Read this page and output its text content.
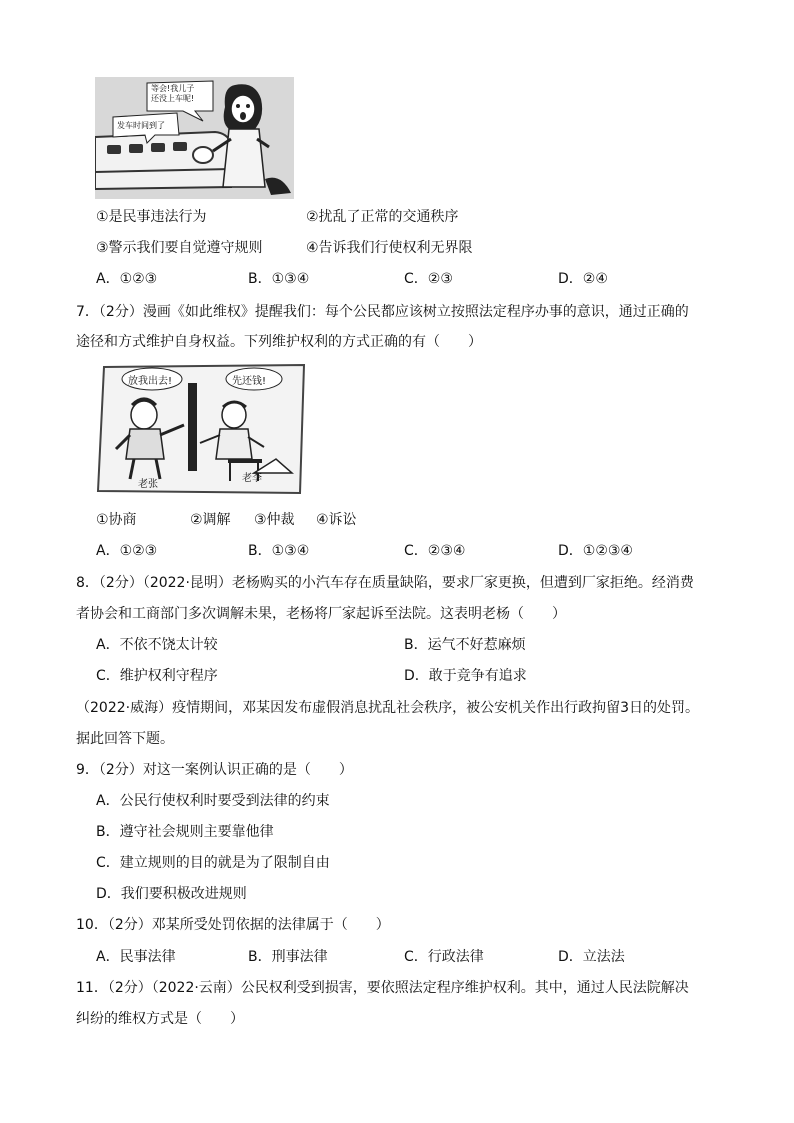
等会!我儿子
还没上车呢!
发车时间到了
①是民事违法行为	②扰乱了正常的交通秩序
③警示我们要自觉遵守规则	④告诉我们行使权利无界限
A．①②③	B．①③④	C．②③	D．②④
7．（2分）漫画《如此维权》提醒我们：每个公民都应该树立按照法定程序办事的意识，通过正确的
途径和方式维护自身权益。下列维护权利的方式正确的有（　　）
放我出去!	先还钱!
老张
老李
①协商	②调解 ③仲裁 ④诉讼
A．①②③	B．①③④	C．②③④	D．①②③④
8．（2分）（2022·昆明）老杨购买的小汽车存在质量缺陷，要求厂家更换，但遭到厂家拒绝。经消费
者协会和工商部门多次调解未果，老杨将厂家起诉至法院。这表明老杨（　　）
A．不依不饶太计较	B．运气不好惹麻烦
C．维护权利守程序	D．敢于竞争有追求
（2022·威海）疫情期间，邓某因发布虚假消息扰乱社会秩序，被公安机关作出行政拘留3日的处罚。
据此回答下题。
9．（2分）对这一案例认识正确的是（　　）
A．公民行使权利时要受到法律的约束
B．遵守社会规则主要靠他律
C．建立规则的目的就是为了限制自由
D．我们要积极改进规则
10．（2分）邓某所受处罚依据的法律属于（　　）
A．民事法律	B．刑事法律	C．行政法律	D．立法法
11．（2分）（2022·云南）公民权利受到损害，要依照法定程序维护权利。其中，通过人民法院解决
纠纷的维权方式是（　　）
